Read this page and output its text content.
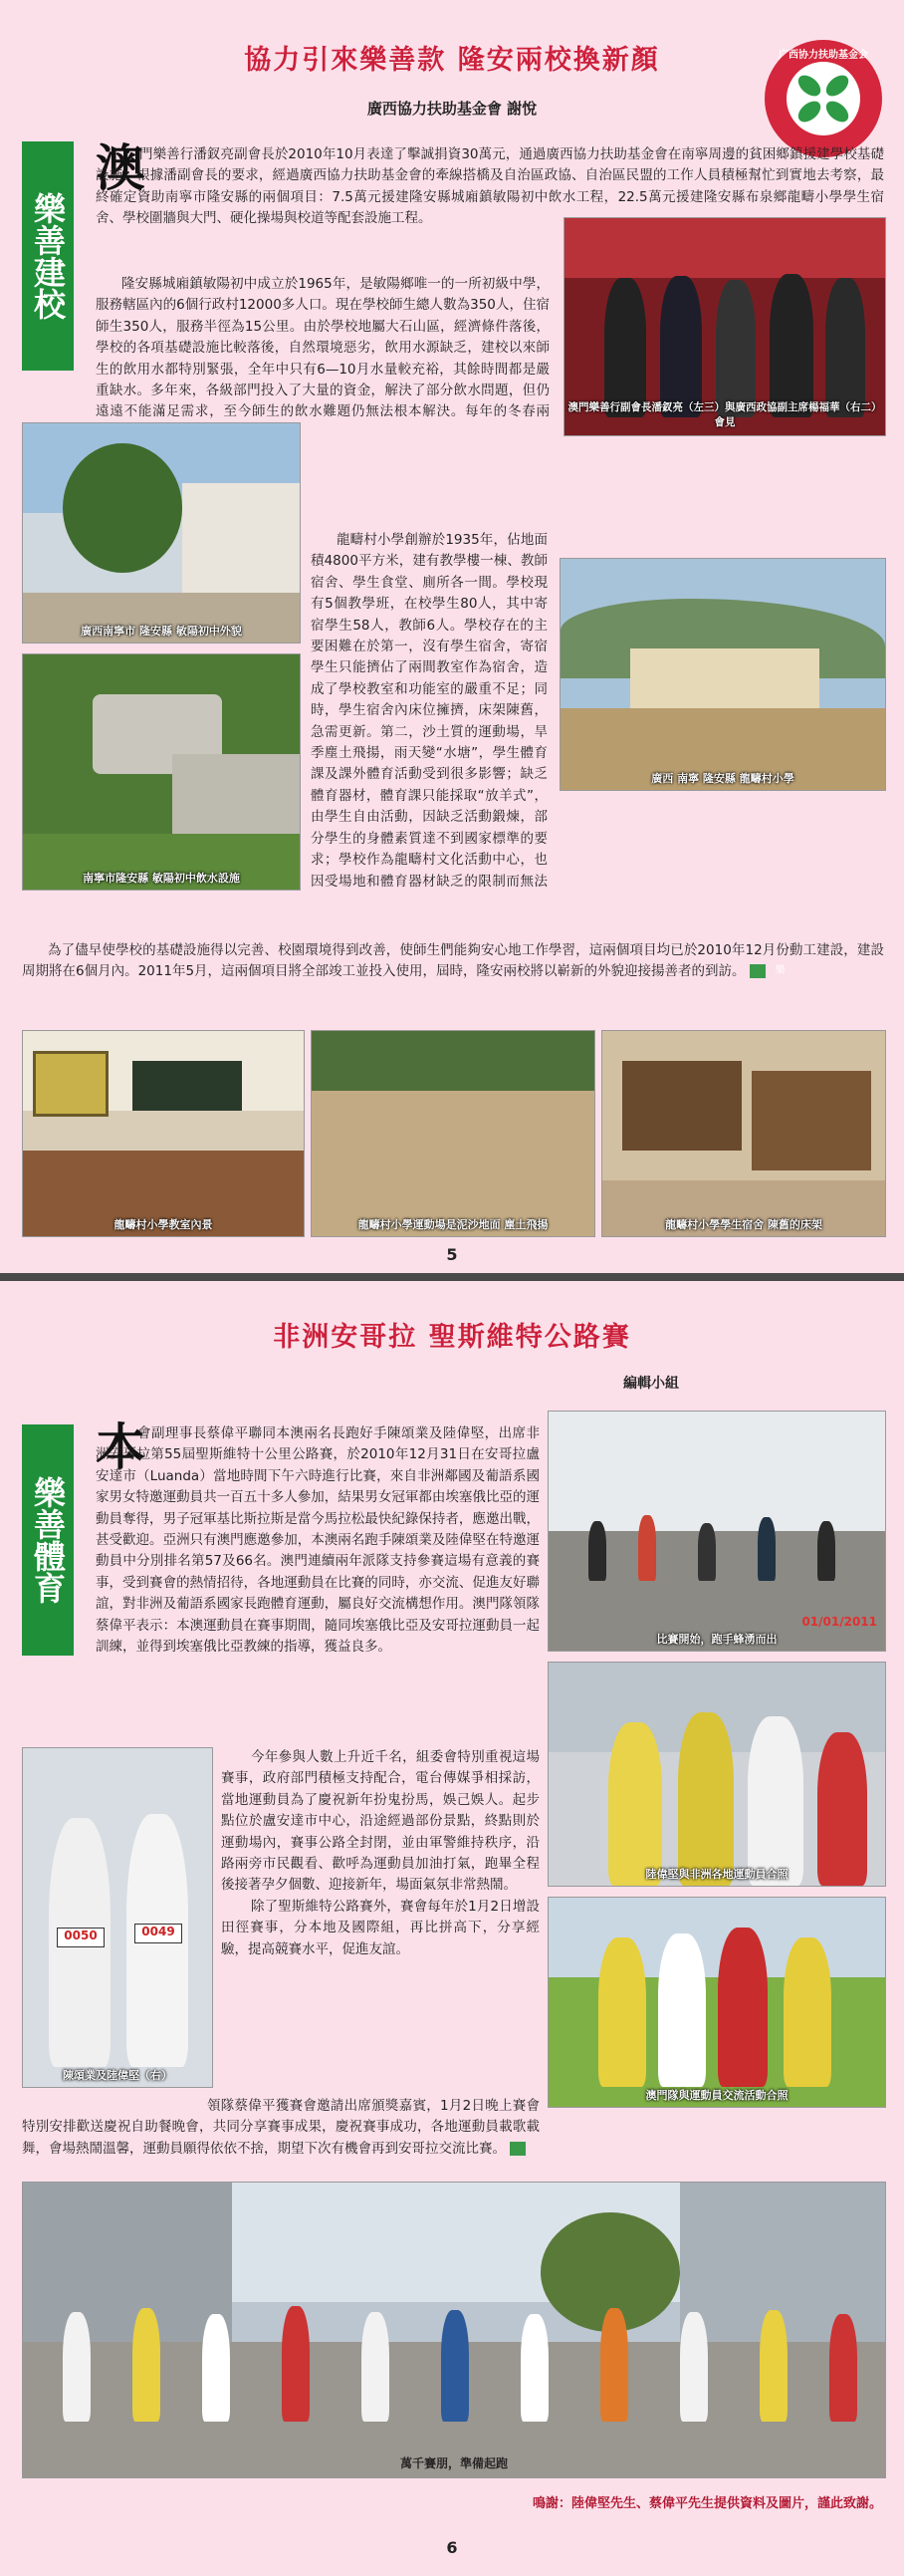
協力引來樂善款 隆安兩校換新顏
廣西協力扶助基金會 謝悅
广西协力扶助基金会
樂善建校
澳

門樂善行潘釵亮副會長於2010年10月表達了擊誠捐資30萬元，通過廣西協力扶助基金會在南寧周邊的貧困鄉鎮援建學校基礎設施。根據潘副會長的要求，經過廣西協力扶助基金會的牽線搭橋及自治區政協、自治區民盟的工作人員積極幫忙到實地去考察，最終確定資助南寧市隆安縣的兩個項目：7.5萬元援建隆安縣城廂鎮敏陽初中飲水工程，22.5萬元援建隆安縣布泉鄉龍疇小學學生宿舍、學校圍牆與大門、硬化操場與校道等配套設施工程。

澳門樂善行副會長潘釵亮（左三）與廣西政協副主席楊福華（右二）會見

隆安縣城廂鎮敏陽初中成立於1965年，是敏陽鄉唯一的一所初級中學，服務轄區內的6個行政村12000多人口。現在學校師生總人數為350人，住宿師生350人，服務半徑為15公里。由於學校地屬大石山區，經濟條件落後，學校的各項基礎設施比較落後，自然環境惡劣，飲用水源缺乏，建校以來師生的飲用水都特別緊張，全年中只有6—10月水量較充裕，其餘時間都是嚴重缺水。多年來，各級部門投入了大量的資金，解決了部分飲水問題，但仍遠遠不能滿足需求，至今師生的飲水難題仍無法根本解決。每年的冬春兩

廣西南寧市 隆安縣 敏陽初中外貌
南寧市隆安縣 敏陽初中飲水設施

龍疇村小學創辦於1935年，佔地面積4800平方米，建有教學樓一棟、教師宿舍、學生食堂、廁所各一間。學校現有5個教學班，在校學生80人，其中寄宿學生58人，教師6人。學校存在的主要困難在於第一，沒有學生宿舍，寄宿學生只能擠佔了兩間教室作為宿舍，造成了學校教室和功能室的嚴重不足；同時，學生宿舍內床位擁擠，床架陳舊，急需更新。第二，沙土質的運動場，旱季塵土飛揚，雨天變“水塘”，學生體育課及課外體育活動受到很多影響；缺乏體育器材，體育課只能採取“放羊式”，由學生自由活動，因缺乏活動鍛煉，部分學生的身體素質達不到國家標準的要求；學校作為龍疇村文化活動中心，也因受場地和體育器材缺乏的限制而無法

廣西 南寧 隆安縣 龍疇村小學

為了儘早使學校的基礎設施得以完善、校園環境得到改善，使師生們能夠安心地工作學習，這兩個項目均已於2010年12月份動工建設，建設周期將在6個月內。2011年5月，這兩個項目將全部竣工並投入使用，屆時，隆安兩校將以嶄新的外貌迎接揚善者的到訪。	樂

龍疇村小學教室內景	龍疇村小學運動場是泥沙地面 塵土飛揚	龍疇村小學學生宿舍 陳舊的床架
5
非洲安哥拉 聖斯維特公路賽
編輯小組
樂善體育
本

會副理事長蔡偉平聯同本澳兩名長跑好手陳頌業及陸偉堅，出席非洲安哥拉第55屆聖斯維特十公里公路賽，於2010年12月31日在安哥拉盧安達市（Luanda）當地時間下午六時進行比賽，來自非洲鄰國及葡語系國家男女特邀運動員共一百五十多人參加，結果男女冠軍都由埃塞俄比亞的運動員奪得，男子冠軍基比斯拉斯是當今馬拉松最快紀錄保持者，應邀出戰，甚受歡迎。亞洲只有澳門應邀參加，本澳兩名跑手陳頌業及陸偉堅在特邀運動員中分別排名第57及66名。澳門連續兩年派隊支持參賽這場有意義的賽事，受到賽會的熱情招待，各地運動員在比賽的同時，亦交流、促進友好聯誼，對非洲及葡語系國家長跑體育運動，屬良好交流構想作用。澳門隊領隊蔡偉平表示：本澳運動員在賽事期間，隨同埃塞俄比亞及安哥拉運動員一起訓練，並得到埃塞俄比亞教練的指導，獲益良多。

01/01/2011
比賽開始，跑手蜂湧而出
陸偉堅與非洲各地運動員合照
0050	0049
陳頌業及陸偉堅（右）

今年參與人數上升近千名，組委會特別重視這場賽事，政府部門積極支持配合，電台傳媒爭相採訪，當地運動員為了慶祝新年扮鬼扮馬，娛己娛人。起步點位於盧安達市中心，沿途經過部份景點，終點則於運動場內，賽事公路全封閉，並由軍警維持秩序，沿路兩旁市民觀看、歡呼為運動員加油打氣，跑畢全程後接著孕夕個數、迎接新年，場面氣氛非常熱鬧。

除了聖斯維特公路賽外，賽會每年於1月2日增設田徑賽事，分本地及國際組，再比拼高下，分享經驗，提高競賽水平，促進友誼。

澳門隊與運動員交流活動合照

領隊蔡偉平獲賽會邀請出席頒獎嘉賓，1月2日晚上賽會特別安排歡送慶祝自助餐晚會，共同分享賽事成果，慶祝賽事成功，各地運動員載歌載舞，會場熱鬧溫馨，運動員願得依依不捨，期望下次有機會再到安哥拉交流比賽。

萬千賽朋，準備起跑
鳴謝：陸偉堅先生、蔡偉平先生提供資料及圖片，謹此致謝。
6
